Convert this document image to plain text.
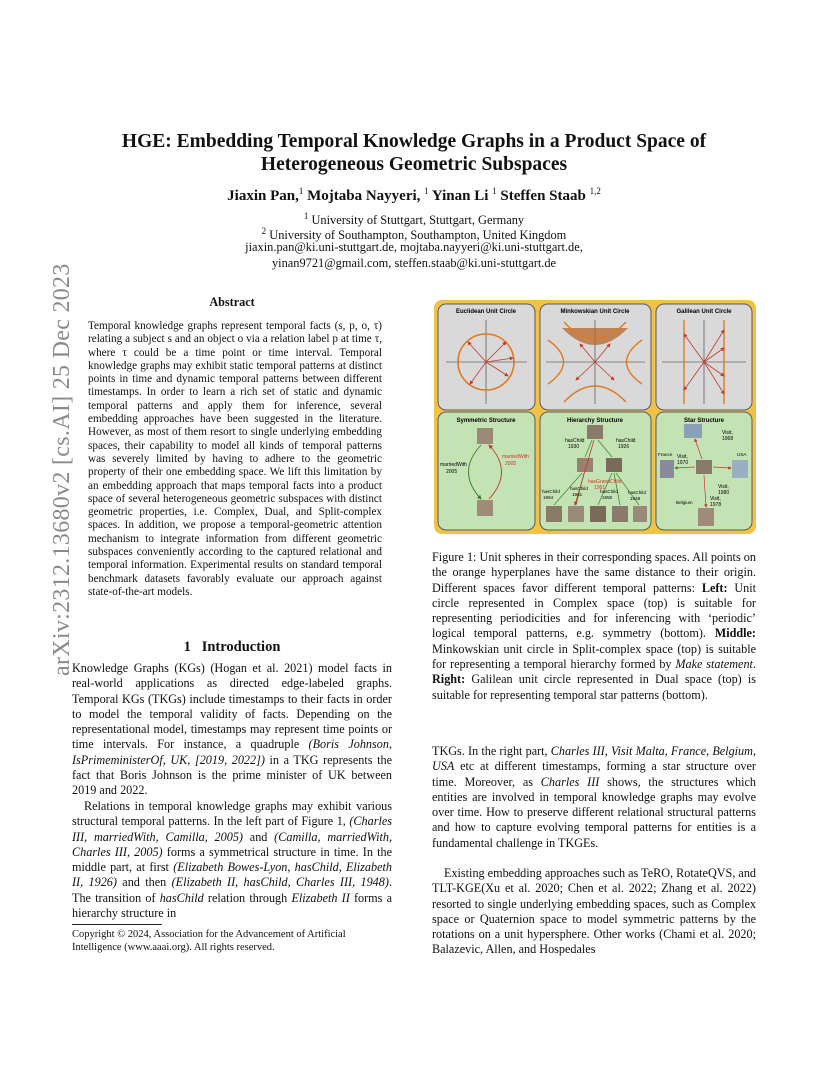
HGE: Embedding Temporal Knowledge Graphs in a Product Space of
Heterogeneous Geometric Subspaces
Jiaxin Pan,$^1$ Mojtaba Nayyeri, $^1$ Yinan Li $^1$ Steffen Staab $^{1,2}$
$^1$ University of Stuttgart, Stuttgart, Germany
$^2$ University of Southampton, Southampton, United Kingdom
jiaxin.pan@ki.uni-stuttgart.de, mojtaba.nayyeri@ki.uni-stuttgart.de,
yinan9721@gmail.com, steffen.staab@ki.uni-stuttgart.de
arXiv:2312.13680v2 [cs.AI] 25 Dec 2023	Abstract
Temporal knowledge graphs represent temporal facts (s, p, o, τ) relating a subject s and an object o via a relation label p at time τ, where τ could be a time point or time interval. Temporal knowledge graphs may exhibit static temporal patterns at distinct points in time and dynamic temporal patterns between different timestamps. In order to learn a rich set of static and dynamic temporal patterns and apply them for inference, several embedding approaches have been suggested in the literature. However, as most of them resort to single underlying embedding spaces, their capability to model all kinds of temporal patterns was severely limited by having to adhere to the geometric property of their one embedding space. We lift this limitation by an embedding approach that maps temporal facts into a product space of several heterogeneous geometric subspaces with distinct geometric properties, i.e. Complex, Dual, and Split-complex spaces. In addition, we propose a temporal-geometric attention mechanism to integrate information from different geometric subspaces conveniently according to the captured relational and temporal information. Experimental results on standard temporal benchmark datasets favorably evaluate our approach against state-of-the-art models.
1 Introduction
Knowledge Graphs (KGs) (Hogan et al. 2021) model facts in real-world applications as directed edge-labeled graphs. Temporal KGs (TKGs) include timestamps to their facts in order to model the temporal validity of facts. Depending on the representational model, timestamps may represent time points or time intervals. For instance, a quadruple (Boris Johnson, IsPrimeministerOf, UK, [2019, 2022]) in a TKG represents the fact that Boris Johnson is the prime minister of UK between 2019 and 2022.
Relations in temporal knowledge graphs may exhibit various structural temporal patterns. In the left part of Figure 1, (Charles III, marriedWith, Camilla, 2005) and (Camilla, marriedWith, Charles III, 2005) forms a symmetrical structure in time. In the middle part, at first (Elizabeth Bowes-Lyon, hasChild, Elizabeth II, 1926) and then (Elizabeth II, hasChild, Charles III, 1948). The transition of hasChild relation through Elizabeth II forms a hierarchy structure in
Copyright © 2024, Association for the Advancement of Artificial Intelligence (www.aaai.org). All rights reserved.
Euclidean Unit Circle	Minkowskian Unit Circle	Galilean Unit Circle
Symmetric Structure
marriedWith
2005
marriedWith
2005
Hierarchy Structure
hasChild
1930
hasChild
1926
hasGrandChild
1961
hasChild
1964
hasChild
1961
hasChild
1950
hasChild
1948
Star Structure
Visit,
1968
Visit,
1970
Visit,
1980
Visit,
1978
France	USA
Belgium
Figure 1: Unit spheres in their corresponding spaces. All points on the orange hyperplanes have the same distance to their origin. Different spaces favor different temporal patterns: Left: Unit circle represented in Complex space (top) is suitable for representing periodicities and for inferencing with ‘periodic’ logical temporal patterns, e.g. symmetry (bottom). Middle: Minkowskian unit circle in Split-complex space (top) is suitable for representing a temporal hierarchy formed by Make statement. Right: Galilean unit circle represented in Dual space (top) is suitable for representing temporal star patterns (bottom).
TKGs. In the right part, Charles III, Visit Malta, France, Belgium, USA etc at different timestamps, forming a star structure over time. Moreover, as Charles III shows, the structures which entities are involved in temporal knowledge graphs may evolve over time. How to preserve different relational structural patterns and how to capture evolving temporal patterns for entities is a fundamental challenge in TKGEs.
Existing embedding approaches such as TeRO, RotateQVS, and TLT-KGE(Xu et al. 2020; Chen et al. 2022; Zhang et al. 2022) resorted to single underlying embedding spaces, such as Complex space or Quaternion space to model symmetric patterns by the rotations on a unit hypersphere. Other works (Chami et al. 2020; Balazevic, Allen, and Hospedales
